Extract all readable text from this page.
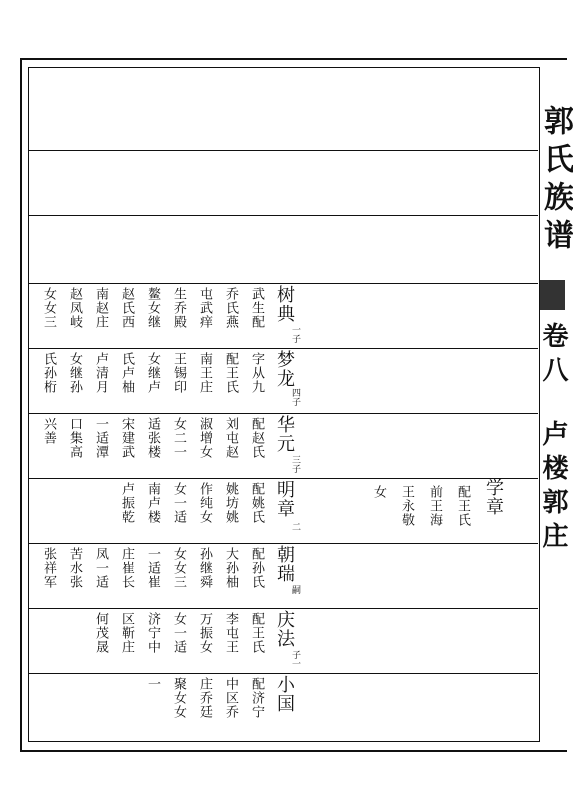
郭氏族谱
卷八
卢楼郭庄
学章
配王氏
前王海
王永敬
女
树典
一子
武生配
乔氏燕
屯武痒
生乔殿
鳌女继
赵氏西
南赵庄
赵凤岐
女女三
梦龙
四子
字从九
配王氏
南王庄
王锡印
女继卢
氏卢柚
卢清月
女继孙
氏孙桁
华元
三子
配赵氏
刘屯赵
淑增女
女二一
适张楼
宋建武
一适潭
口集高
兴善
明章
二
配姚氏
姚坊姚
作纯女
女一适
南卢楼
卢振乾
朝瑞
嗣
配孙氏
大孙柚
孙继舜
女女三
一适崔
庄崔长
凤一适
苦水张
张祥军
庆法
子一
配王氏
李屯王
万振女
女一适
济宁中
区靳庄
何茂晟
小国
配济宁
中区乔
庄乔廷
聚女女
一
